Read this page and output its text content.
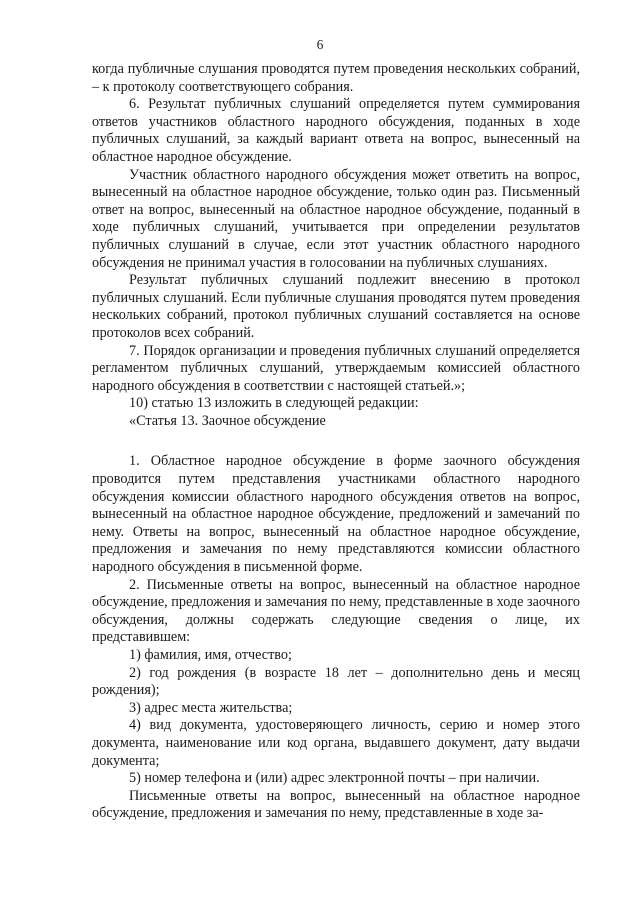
6

когда публичные слушания проводятся путем проведения нескольких собраний, – к протоколу соответствующего собрания.

6. Результат публичных слушаний определяется путем суммирования ответов участников областного народного обсуждения, поданных в ходе публичных слушаний, за каждый вариант ответа на вопрос, вынесенный на областное народное обсуждение.

Участник областного народного обсуждения может ответить на вопрос, вынесенный на областное народное обсуждение, только один раз. Письменный ответ на вопрос, вынесенный на областное народное обсуждение, поданный в ходе публичных слушаний, учитывается при определении результатов публичных слушаний в случае, если этот участник областного народного обсуждения не принимал участия в голосовании на публичных слушаниях.

Результат публичных слушаний подлежит внесению в протокол публичных слушаний. Если публичные слушания проводятся путем проведения нескольких собраний, протокол публичных слушаний составляется на основе протоколов всех собраний.

7. Порядок организации и проведения публичных слушаний определяется регламентом публичных слушаний, утверждаемым комиссией областного народного обсуждения в соответствии с настоящей статьей.»;

10) статью 13 изложить в следующей редакции:

«Статья 13. Заочное обсуждение

1. Областное народное обсуждение в форме заочного обсуждения проводится путем представления участниками областного народного обсуждения комиссии областного народного обсуждения ответов на вопрос, вынесенный на областное народное обсуждение, предложений и замечаний по нему. Ответы на вопрос, вынесенный на областное народное обсуждение, предложения и замечания по нему представляются комиссии областного народного обсуждения в письменной форме.

2. Письменные ответы на вопрос, вынесенный на областное народное обсуждение, предложения и замечания по нему, представленные в ходе заочного обсуждения, должны содержать следующие сведения о лице, их представившем:

1) фамилия, имя, отчество;

2) год рождения (в возрасте 18 лет – дополнительно день и месяц рождения);

3) адрес места жительства;

4) вид документа, удостоверяющего личность, серию и номер этого документа, наименование или код органа, выдавшего документ, дату выдачи документа;

5) номер телефона и (или) адрес электронной почты – при наличии.

Письменные ответы на вопрос, вынесенный на областное народное обсуждение, предложения и замечания по нему, представленные в ходе за-
